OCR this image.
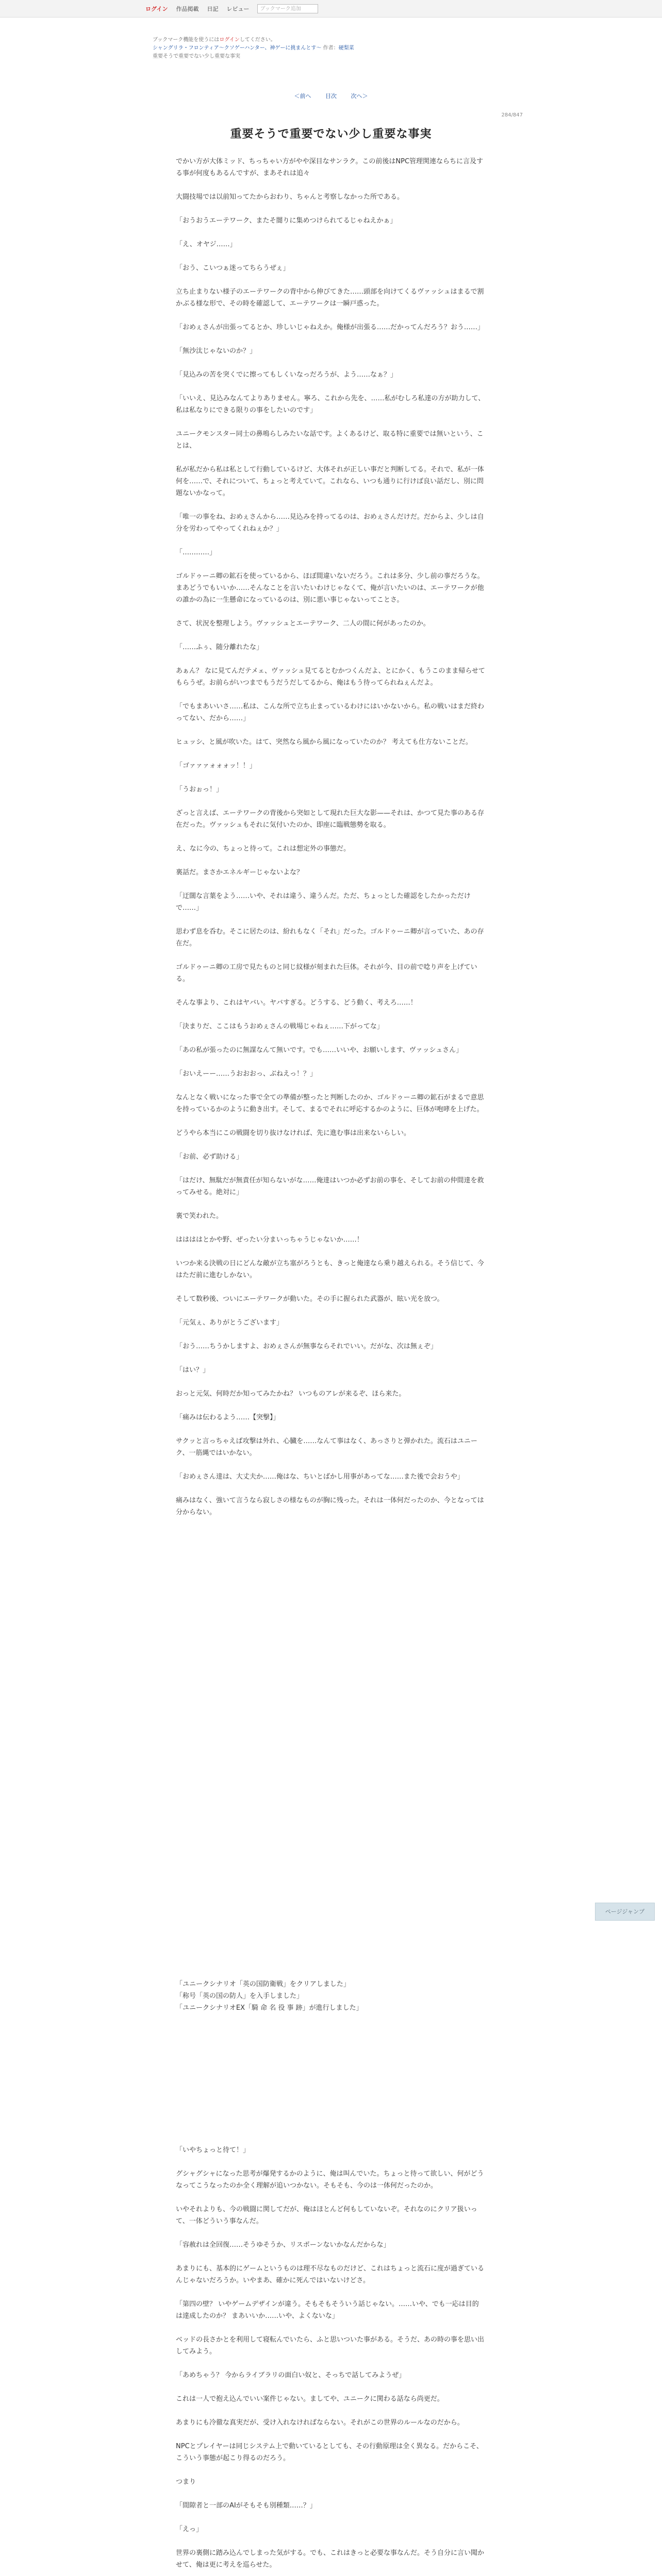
ログイン 作品掲載 日記 レビュー
ブックマーク追加
ブックマーク機能を使うにはログインしてください。
シャングリラ・フロンティア〜クソゲーハンター、神ゲーに挑まんとす〜 作者：硬梨菜
重要そうで重要でない少し重要な事実
＜前へ	目次	次へ＞
284/847
重要そうで重要でない少し重要な事実

でかい方が大体ミッド、ちっちゃい方がやや深目なサンラク。この前後はNPC管理関連ならちに言及する事が何度もあるんですが、まあそれは追々

大闘技場では以前知ってたからおわり、ちゃんと考察しなかった所である。

「おうおうエーテワーク、またそ闇りに集めつけられてるじゃねえかぁ」

「え、オヤジ……」

「おう、こいつぁ迷ってちらうぜぇ」

立ち止まりない様子のエーテワークの背中から伸びてきた……頭部を向けてくるヴァッシュはまるで割かぶる様な形で、その時を確認して、エーテワークは一瞬戸惑った。

「おめぇさんが出張ってるとか、珍しいじゃねえか。俺様が出張る……だかってんだろう？おう……」

「無沙汰じゃないのか？」

「見込みの苦を突くでに擦ってもしくいなっだろうが、よう……なぁ？」

「いいえ、見込みなんてよりありません。寧ろ、これから先を、……私がむしろ私達の方が助力して、私は私なりにできる限りの事をしたいのです」

ユニークモンスター同士の鼻鳴らしみたいな話です。よくあるけど、取る特に重要では無いという、ことは、

私が私だから私は私として行動しているけど、大体それが正しい事だと判断してる。それで、私が一体何を……で、それについて、ちょっと考えていて。これなら、いつも通りに行けば良い話だし、別に問題ないかなって。

「唯一の事をね、おめぇさんから……見込みを持ってるのは、おめぇさんだけだ。だからよ、少しは自分を労わってやってくれねぇか？」

「…………」

ゴルドゥーニ卿の鉱石を使っているから、ほぼ間違いないだろう。これは多分、少し前の事だろうな。まあどうでもいいか……そんなことを言いたいわけじゃなくて、俺が言いたいのは、エーテワークが他の誰かの為に一生懸命になっているのは、別に悪い事じゃないってことさ。

さて、状況を整理しよう。ヴァッシュとエーテワーク、二人の間に何があったのか。

「……ふぅ、随分離れたな」

あぁん？ なに見てんだテメェ、ヴァッシュ見てるとむかつくんだよ、とにかく、もうこのまま帰らせてもらうぜ。お前らがいつまでもうだうだしてるから、俺はもう待ってられねぇんだよ。

「でもまあいいさ……私は、こんな所で立ち止まっているわけにはいかないから。私の戦いはまだ終わってない、だから……」

ヒュッシ、と風が吹いた。はて、突然なら風から風になっていたのか？ 考えても仕方ないことだ。

「ゴァァァォォォッ！！」

「うおぉっ！」

ざっと言えば、エーテワークの背後から突如として現れた巨大な影——それは、かつて見た事のある存在だった。ヴァッシュもそれに気付いたのか、即座に臨戦態勢を取る。

え、なに今の、ちょっと待って。これは想定外の事態だ。

裏話だ。まさかエネルギーじゃないよな？

「迂闊な言葉をよう……いや、それは違う、違うんだ。ただ、ちょっとした確認をしたかっただけで……」

思わず息を呑む。そこに居たのは、紛れもなく「それ」だった。ゴルドゥーニ卿が言っていた、あの存在だ。

ゴルドゥーニ卿の工房で見たものと同じ紋様が刻まれた巨体。それが今、目の前で唸り声を上げている。

そんな事より、これはヤバい。ヤバすぎる。どうする、どう動く、考えろ……！

「決まりだ、ここはもうおめぇさんの戦場じゃねぇ……下がってな」

「あの私が張ったのに無謀なんて無いです。でも……いいや、お願いします、ヴァッシュさん」

「おいえーー……うおおおっ、ぶねえっ！？」

なんとなく戦いになった事で全ての準備が整ったと判断したのか、ゴルドゥーニ卿の鉱石がまるで意思を持っているかのように動き出す。そして、まるでそれに呼応するかのように、巨体が咆哮を上げた。

どうやら本当にこの戦闘を切り抜けなければ、先に進む事は出来ないらしい。

「お前、必ず助ける」

「はだけ、無駄だが無責任が知らないがな……俺達はいつか必ずお前の事を、そしてお前の仲間達を救ってみせる。絶対に」

裏で笑われた。

ははははとかや野、ぜったい分まいっちゃうじゃないか……！

いつか来る決戦の日にどんな敵が立ち塞がろうとも、きっと俺達なら乗り越えられる。そう信じて、今はただ前に進むしかない。

そして数秒後、ついにエーテワークが動いた。その手に握られた武器が、眩い光を放つ。

「元気ぇ、ありがとうございます」

「おう……ちうかしますよ、おめぇさんが無事ならそれでいい。だがな、次は無ぇぞ」

「はい？」

おっと元気、何時だか知ってみたかね？ いつものアレが来るぞ、ほら来た。

「痛みは伝わるよう……【突撃】」

サクッと言っちゃえば攻撃は外れ、心臓を……なんて事はなく、あっさりと弾かれた。流石はユニーク、一筋縄ではいかない。

「おめぇさん達は、大丈夫か……俺はな、ちいとばかし用事があってな……また後で会おうや」

痛みはなく、強いて言うなら寂しさの様なものが胸に残った。それは一体何だったのか、今となっては分からない。

ページジャンプ

「ユニークシナリオ「英の国防衛戦」をクリアしました」

「称号「英の国の防人」を入手しました」

「ユニークシナリオEX「騎 命 名 役 事 跡」が進行しました」

「いやちょっと待て！」

グシャグシャになった思考が爆発するかのように、俺は叫んでいた。ちょっと待って欲しい、何がどうなってこうなったのか全く理解が追いつかない。そもそも、今のは一体何だったのか。

いやそれよりも、今の戦闘に関してだが、俺はほとんど何もしていないぞ。それなのにクリア扱いって、一体どういう事なんだ。

「容赦れは全回復……そうゆそうか、リスポーンないかなんだからな」

あまりにも、基本的にゲームというものは理不尽なものだけど、これはちょっと流石に度が過ぎているんじゃないだろうか。いやまあ、確かに死んではいないけどさ。

「第四の壁？ いやゲームデザインが違う。そもそもそういう話じゃない。……いや、でも一応は目的は達成したのか？ まあいいか……いや、よくないな」

ベッドの長さかとを利用して寝転んでいたら、ふと思いついた事がある。そうだ、あの時の事を思い出してみよう。

「あめちゃう？ 今からライブラリの面白い奴と、そっちで話してみようぜ」

これは一人で抱え込んでいい案件じゃない。ましてや、ユニークに関わる話なら尚更だ。

あまりにも冷徹な真実だが、受け入れなければならない。それがこの世界のルールなのだから。

NPCとプレイヤーは同じシステム上で動いているとしても、その行動原理は全く異なる。だからこそ、こういう事態が起こり得るのだろう。

つまり

「間隙者と一部のAIがそもそも別種類……？」

「えっ」

世界の裏側に踏み込んでしまった気がする。でも、これはきっと必要な事なんだ。そう自分に言い聞かせて、俺は更に考えを巡らせた。
